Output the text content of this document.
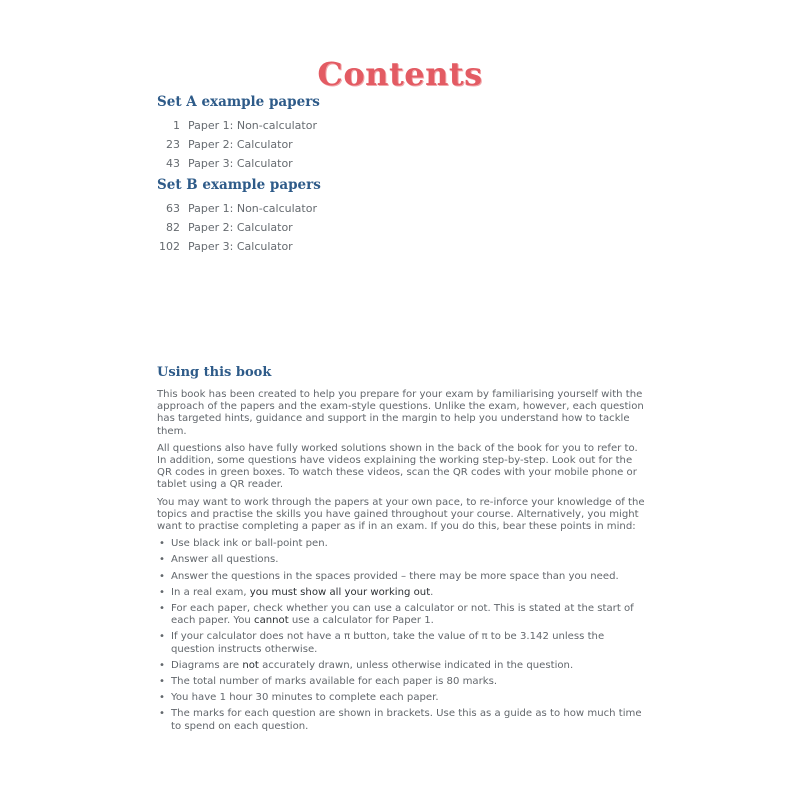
Contents
Set A example papers
1 Paper 1: Non-calculator
23 Paper 2: Calculator
43 Paper 3: Calculator
Set B example papers
63 Paper 1: Non-calculator
82 Paper 2: Calculator
102 Paper 3: Calculator
Using this book

This book has been created to help you prepare for your exam by familiarising yourself with the approach of the papers and the exam-style questions. Unlike the exam, however, each question has targeted hints, guidance and support in the margin to help you understand how to tackle them.

All questions also have fully worked solutions shown in the back of the book for you to refer to. In addition, some questions have videos explaining the working step-by-step. Look out for the QR codes in green boxes. To watch these videos, scan the QR codes with your mobile phone or tablet using a QR reader.

You may want to work through the papers at your own pace, to re-inforce your knowledge of the topics and practise the skills you have gained throughout your course. Alternatively, you might want to practise completing a paper as if in an exam. If you do this, bear these points in mind:

• Use black ink or ball-point pen.
• Answer all questions.
• Answer the questions in the spaces provided – there may be more space than you need.
• In a real exam, you must show all your working out.
• For each paper, check whether you can use a calculator or not. This is stated at the start of each paper. You cannot use a calculator for Paper 1.
• If your calculator does not have a π button, take the value of π to be 3.142 unless the question instructs otherwise.
• Diagrams are not accurately drawn, unless otherwise indicated in the question.
• The total number of marks available for each paper is 80 marks.
• You have 1 hour 30 minutes to complete each paper.
• The marks for each question are shown in brackets. Use this as a guide as to how much time to spend on each question.
